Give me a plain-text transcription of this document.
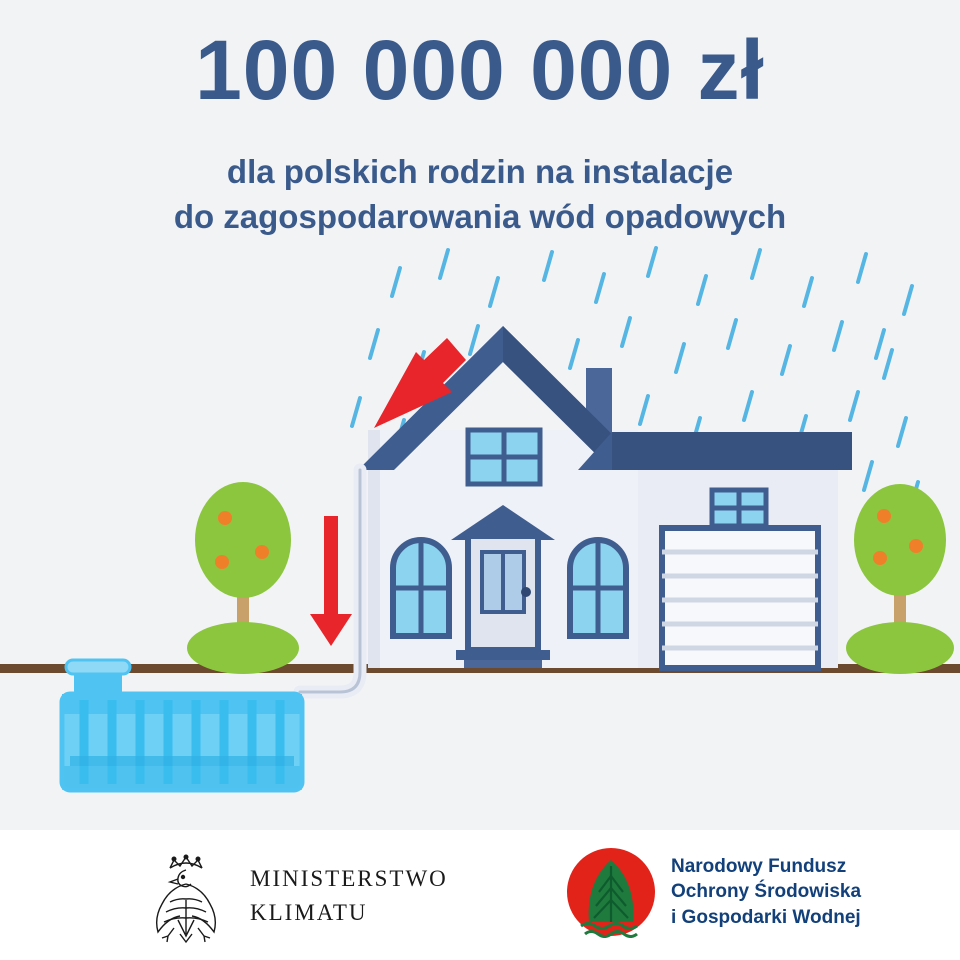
100 000 000 zł
dla polskich rodzin na instalacje
do zagospodarowania wód opadowych
MINISTERSTWO
KLIMATU
Narodowy Fundusz
Ochrony Środowiska
i Gospodarki Wodnej
